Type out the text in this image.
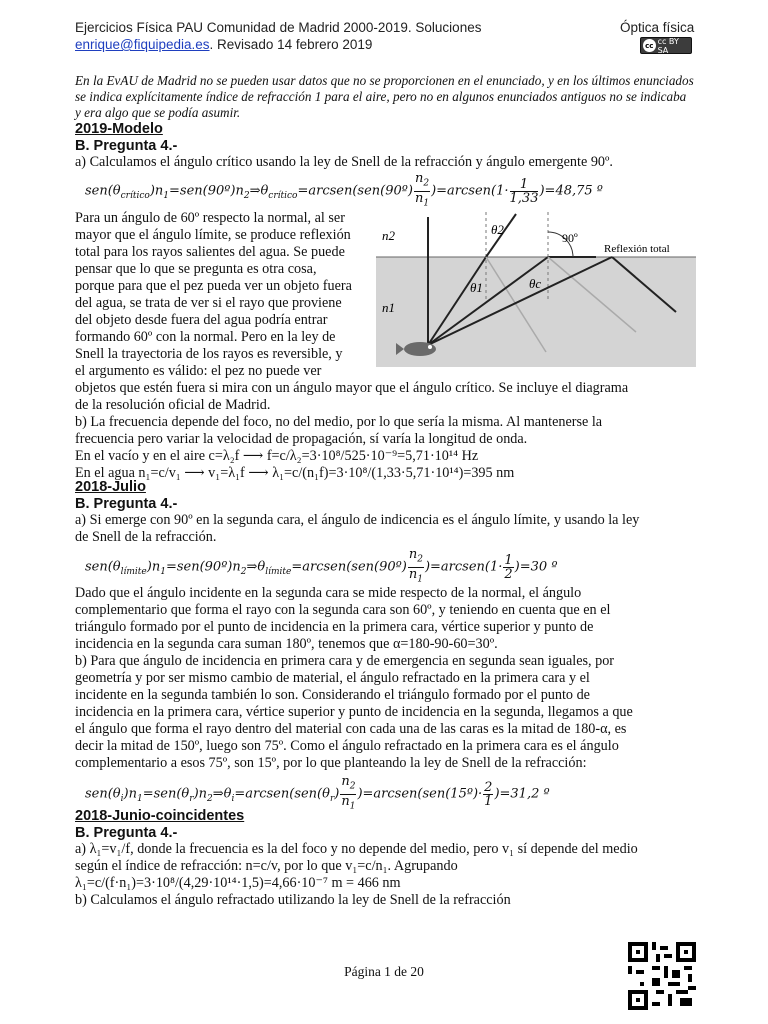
Ejercicios Física PAU Comunidad de Madrid 2000-2019. Soluciones	Óptica física
enrique@fiquipedia.es. Revisado 14 febrero 2019	cc cc BY SA
En la EvAU de Madrid no se pueden usar datos que no se proporcionen en el enunciado, y en los últimos enunciados se indica explícitamente índice de refracción 1 para el aire, pero no en algunos enunciados antiguos no se indicaba y era algo que se podía asumir.
2019-Modelo
B. Pregunta 4.-
a) Calculamos el ángulo crítico usando la ley de Snell de la refracción y ángulo emergente 90º.
$sen(\theta_{crítico})n_1=sen(90º)n_2\Rightarrow\theta_{crítico}=arcsen(sen(90º) \frac{n_2}{n_1}$ )=arcsen(1· $\frac{1}{1,33} )=48,75$ º
Para un ángulo de 60º respecto la normal, al ser
mayor que el ángulo límite, se produce reflexión
total para los rayos salientes del agua. Se puede
pensar que lo que se pregunta es otra cosa,
porque para que el pez pueda ver un objeto fuera
del agua, se trata de ver si el rayo que proviene
del objeto desde fuera del agua podría entrar
formando 60º con la normal. Pero en la ley de
Snell la trayectoria de los rayos es reversible, y
el argumento es válido: el pez no puede ver
n2
n1
θ2
θ1	θc
90º
Reflexión total
objetos que estén fuera si mira con un ángulo mayor que el ángulo crítico. Se incluye el diagrama
de la resolución oficial de Madrid.
b) La frecuencia depende del foco, no del medio, por lo que sería la misma. Al mantenerse la
frecuencia pero variar la velocidad de propagación, sí varía la longitud de onda.
En el vacío y en el aire c=λ₂f ⟶ f=c/λ₂=3·10⁸/525·10⁻⁹=5,71·10¹⁴ Hz
En el agua n₁=c/v₁ ⟶ v₁=λ₁f ⟶ λ₁=c/(n₁f)=3·10⁸/(1,33·5,71·10¹⁴)=395 nm
2018-Julio
B. Pregunta 4.-
a) Si emerge con 90º en la segunda cara, el ángulo de indicencia es el ángulo límite, y usando la ley
de Snell de la refracción.
$sen(\theta_{límite})n_1=sen(90º)n_2\Rightarrow\theta_{límite}=arcsen(sen(90º) \frac{n_2}{n_1}$ )=arcsen(1· $\frac{1}{2} )=30$ º
Dado que el ángulo incidente en la segunda cara se mide respecto de la normal, el ángulo
complementario que forma el rayo con la segunda cara son 60º, y teniendo en cuenta que en el
triángulo formado por el punto de incidencia en la primera cara, vértice superior y punto de
incidencia en la segunda cara suman 180º, tenemos que α=180-90-60=30º.
b) Para que ángulo de incidencia en primera cara y de emergencia en segunda sean iguales, por
geometría y por ser mismo cambio de material, el ángulo refractado en la primera cara y el
incidente en la segunda también lo son. Considerando el triángulo formado por el punto de
incidencia en la primera cara, vértice superior y punto de incidencia en la segunda, llegamos a que
el ángulo que forma el rayo dentro del material con cada una de las caras es la mitad de 180-α, es
decir la mitad de 150º, luego son 75º. Como el ángulo refractado en la primera cara es el ángulo
complementario a esos 75º, son 15º, por lo que planteando la ley de Snell de la refracción:
$sen(\theta_i)n_1=sen(\theta_r)n_2\Rightarrow\theta_i=arcsen(sen(\theta_r) \frac{n_2}{n_1}$ )=arcsen(sen(15º)· $\frac{2}{1} )=31,2$ º
2018-Junio-coincidentes
B. Pregunta 4.-
a) λ₁=v₁/f, donde la frecuencia es la del foco y no depende del medio, pero v₁ sí depende del medio
según el índice de refracción: n=c/v, por lo que v₁=c/n₁. Agrupando
λ₁=c/(f·n₁)=3·10⁸/(4,29·10¹⁴·1,5)=4,66·10⁻⁷ m = 466 nm
b) Calculamos el ángulo refractado utilizando la ley de Snell de la refracción
Página 1 de 20
